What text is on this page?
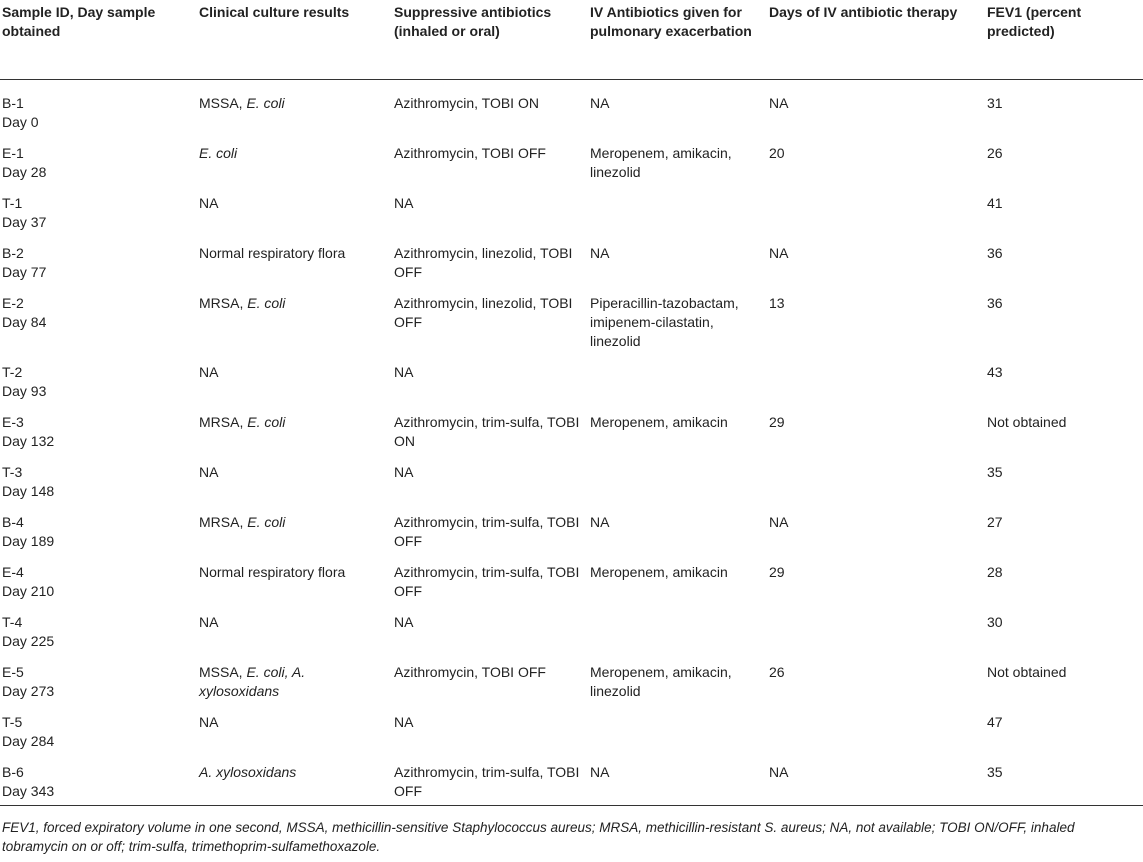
Sample ID, Day sample obtained	Clinical culture results	Suppressive antibiotics (inhaled or oral)	IV Antibiotics given for pulmonary exacerbation	Days of IV antibiotic therapy	FEV1 (percent predicted)

B-1
Day 0	MSSA, E. coli	Azithromycin, TOBI ON	NA	NA	31

E-1
Day 28	E. coli	Azithromycin, TOBI OFF	Meropenem, amikacin, linezolid	20	26

T-1
Day 37	NA	NA			41

B-2
Day 77	Normal respiratory flora	Azithromycin, linezolid, TOBI OFF	NA	NA	36

E-2
Day 84	MRSA, E. coli	Azithromycin, linezolid, TOBI OFF	Piperacillin-tazobactam, imipenem-cilastatin, linezolid	13	36

T-2
Day 93	NA	NA			43

E-3
Day 132	MRSA, E. coli	Azithromycin, trim-sulfa, TOBI ON	Meropenem, amikacin	29	Not obtained

T-3
Day 148	NA	NA			35

B-4
Day 189	MRSA, E. coli	Azithromycin, trim-sulfa, TOBI OFF	NA	NA	27

E-4
Day 210	Normal respiratory flora	Azithromycin, trim-sulfa, TOBI OFF	Meropenem, amikacin	29	28

T-4
Day 225	NA	NA			30

E-5
Day 273	MSSA, E. coli, A. xylosoxidans	Azithromycin, TOBI OFF	Meropenem, amikacin, linezolid	26	Not obtained

T-5
Day 284	NA	NA			47

B-6
Day 343	A. xylosoxidans	Azithromycin, trim-sulfa, TOBI OFF	NA	NA	35
FEV1, forced expiratory volume in one second, MSSA, methicillin-sensitive Staphylococcus aureus; MRSA, methicillin-resistant S. aureus; NA, not available; TOBI ON/OFF, inhaled tobramycin on or off; trim-sulfa, trimethoprim-sulfamethoxazole.
